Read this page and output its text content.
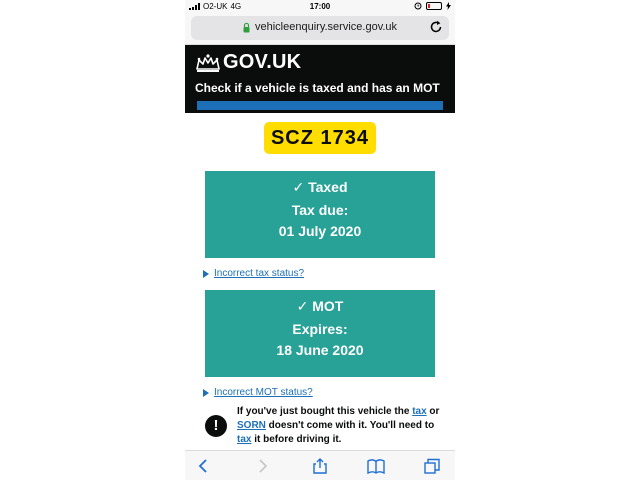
O2-UK 4G	17:00
vehicleenquiry.service.gov.uk
GOV.UK
Check if a vehicle is taxed and has an MOT
SCZ 1734
✓ Taxed
Tax due:
01 July 2020
Incorrect tax status?
✓ MOT
Expires:
18 June 2020
Incorrect MOT status?
!
If you've just bought this vehicle the tax or SORN doesn't come with it. You'll need to tax it before driving it.
